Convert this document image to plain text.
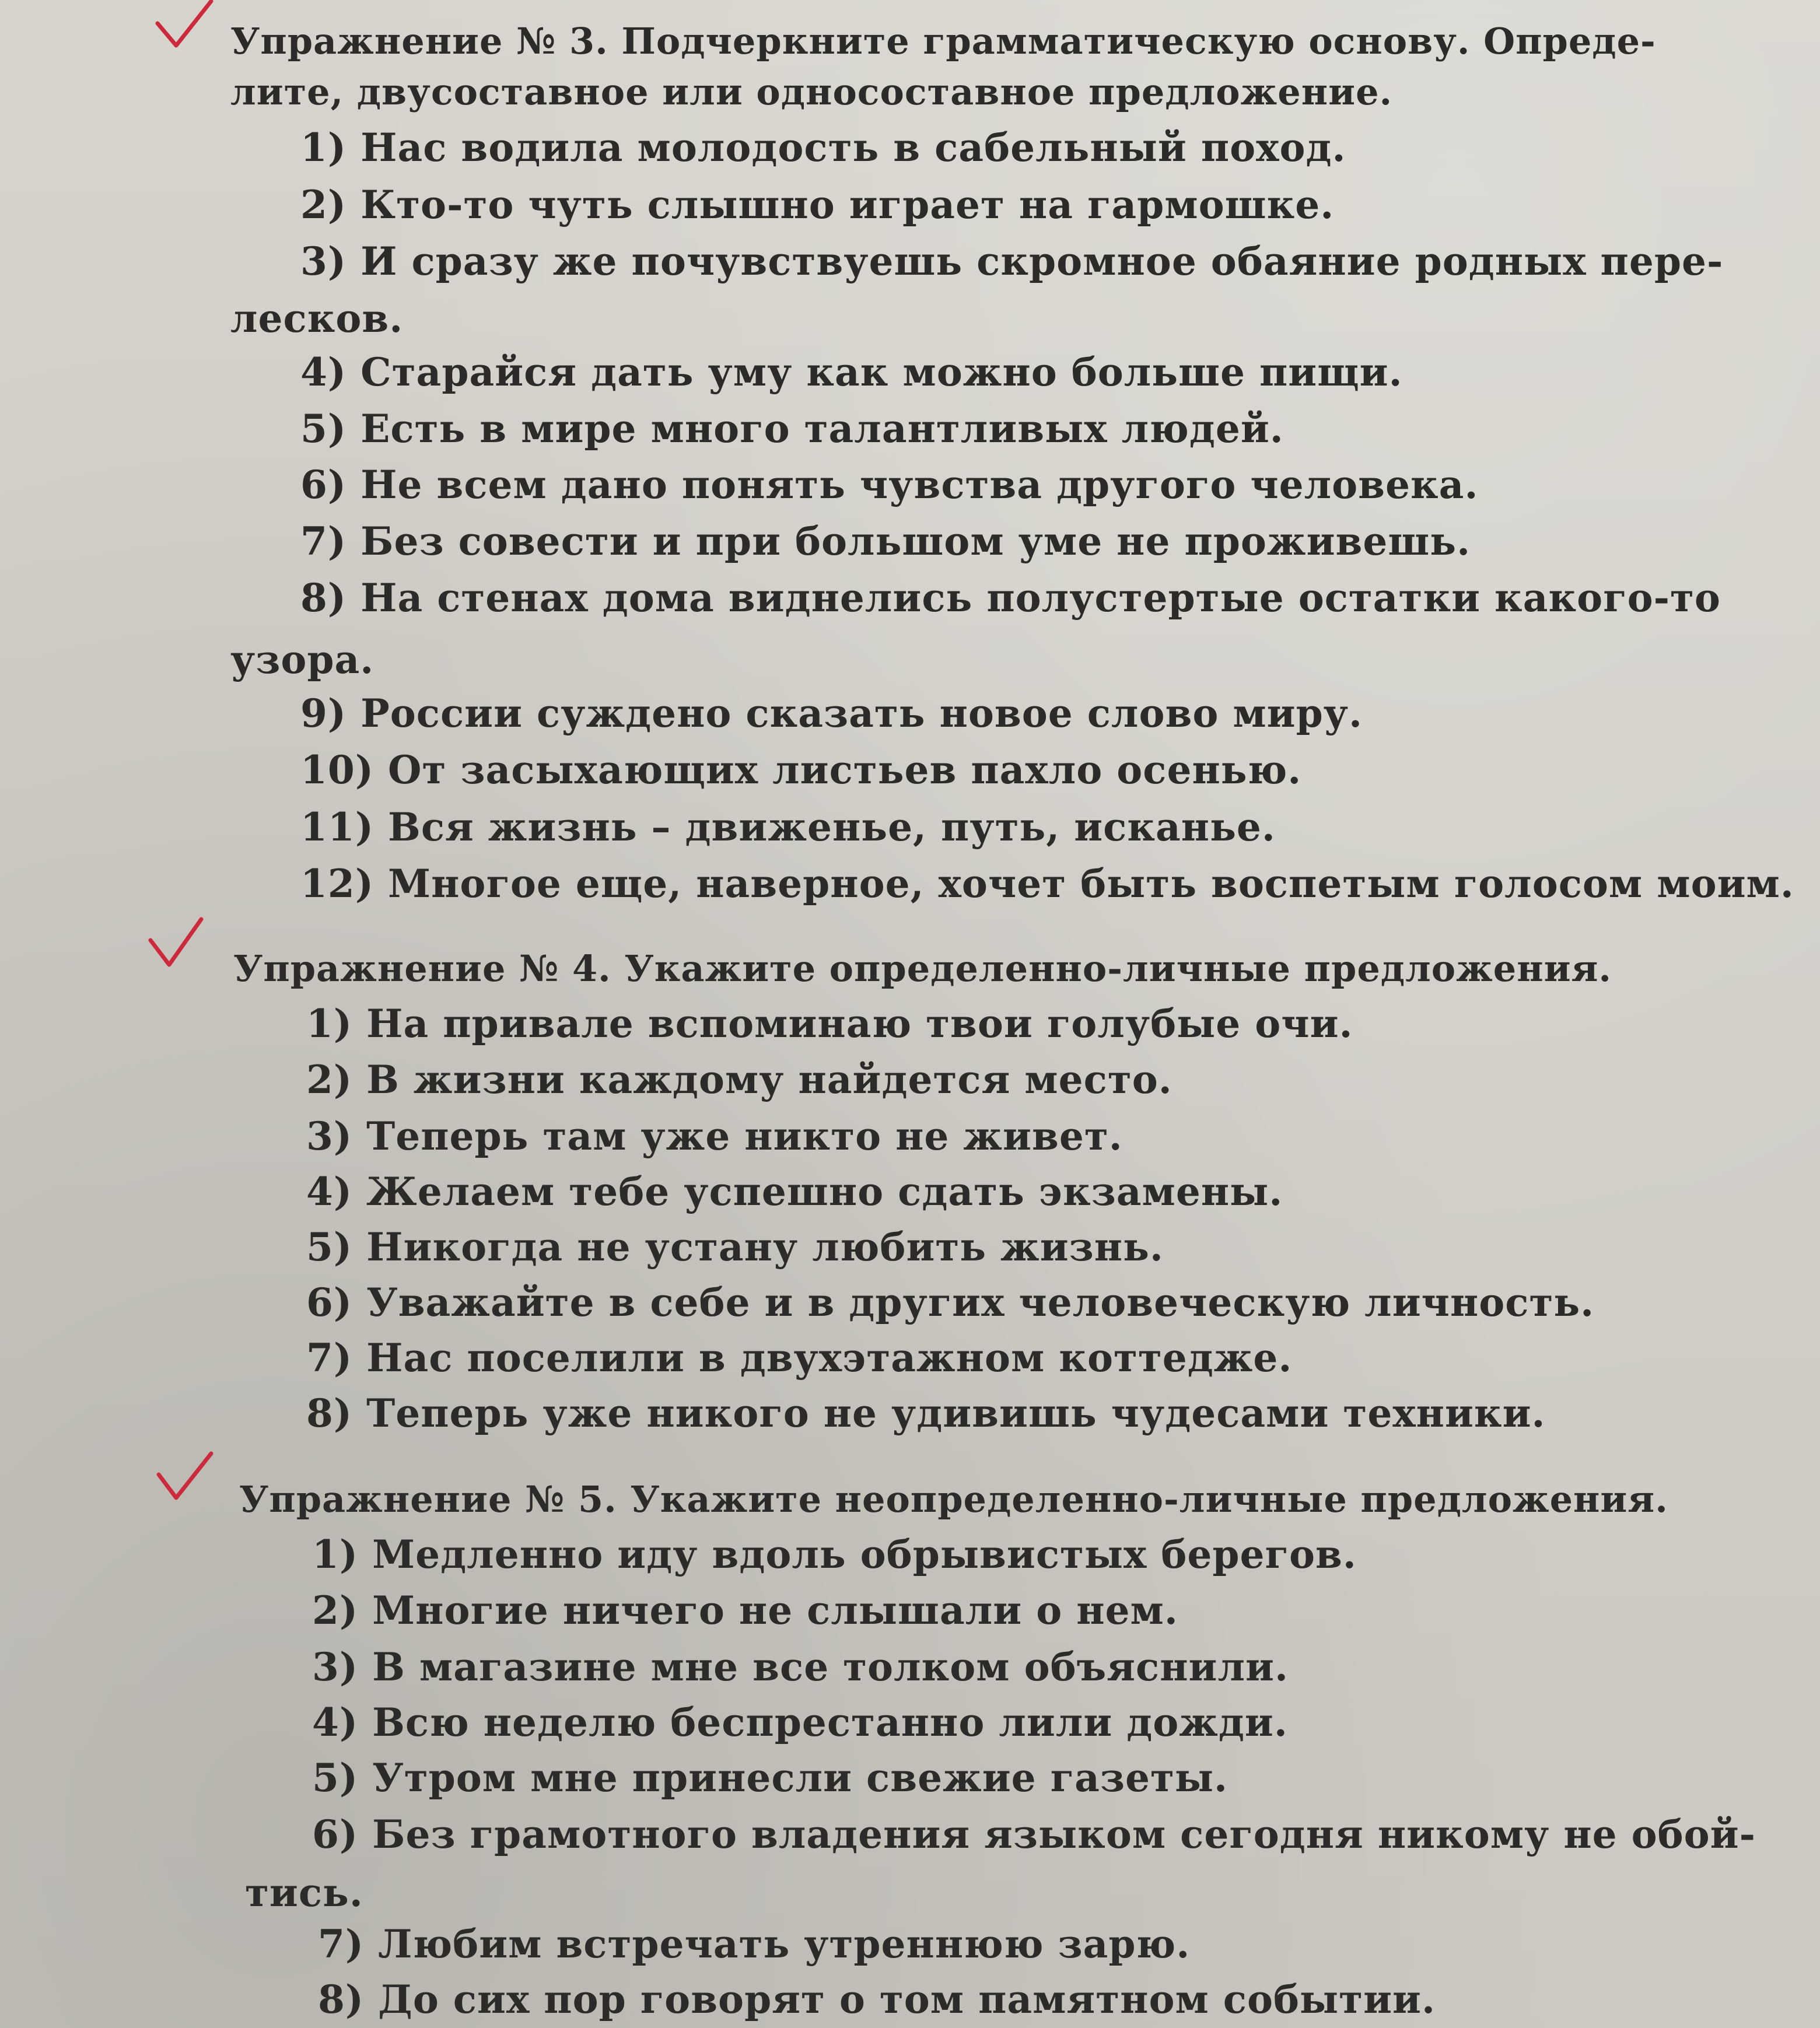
Упражнение № 3. Подчеркните грамматическую основу. Опреде-
лите, двусоставное или односоставное предложение.
1) Нас водила молодость в сабельный поход.
2) Кто-то чуть слышно играет на гармошке.
3) И сразу же почувствуешь скромное обаяние родных пере-
лесков.
4) Старайся дать уму как можно больше пищи.
5) Есть в мире много талантливых людей.
6) Не всем дано понять чувства другого человека.
7) Без совести и при большом уме не проживешь.
8) На стенах дома виднелись полустертые остатки какого-то
узора.
9) России суждено сказать новое слово миру.
10) От засыхающих листьев пахло осенью.
11) Вся жизнь – движенье, путь, исканье.
12) Многое еще, наверное, хочет быть воспетым голосом моим.
Упражнение № 4. Укажите определенно-личные предложения.
1) На привале вспоминаю твои голубые очи.
2) В жизни каждому найдется место.
3) Теперь там уже никто не живет.
4) Желаем тебе успешно сдать экзамены.
5) Никогда не устану любить жизнь.
6) Уважайте в себе и в других человеческую личность.
7) Нас поселили в двухэтажном коттедже.
8) Теперь уже никого не удивишь чудесами техники.
Упражнение № 5. Укажите неопределенно-личные предложения.
1) Медленно иду вдоль обрывистых берегов.
2) Многие ничего не слышали о нем.
3) В магазине мне все толком объяснили.
4) Всю неделю беспрестанно лили дожди.
5) Утром мне принесли свежие газеты.
6) Без грамотного владения языком сегодня никому не обой-
тись.
7) Любим встречать утреннюю зарю.
8) До сих пор говорят о том памятном событии.
